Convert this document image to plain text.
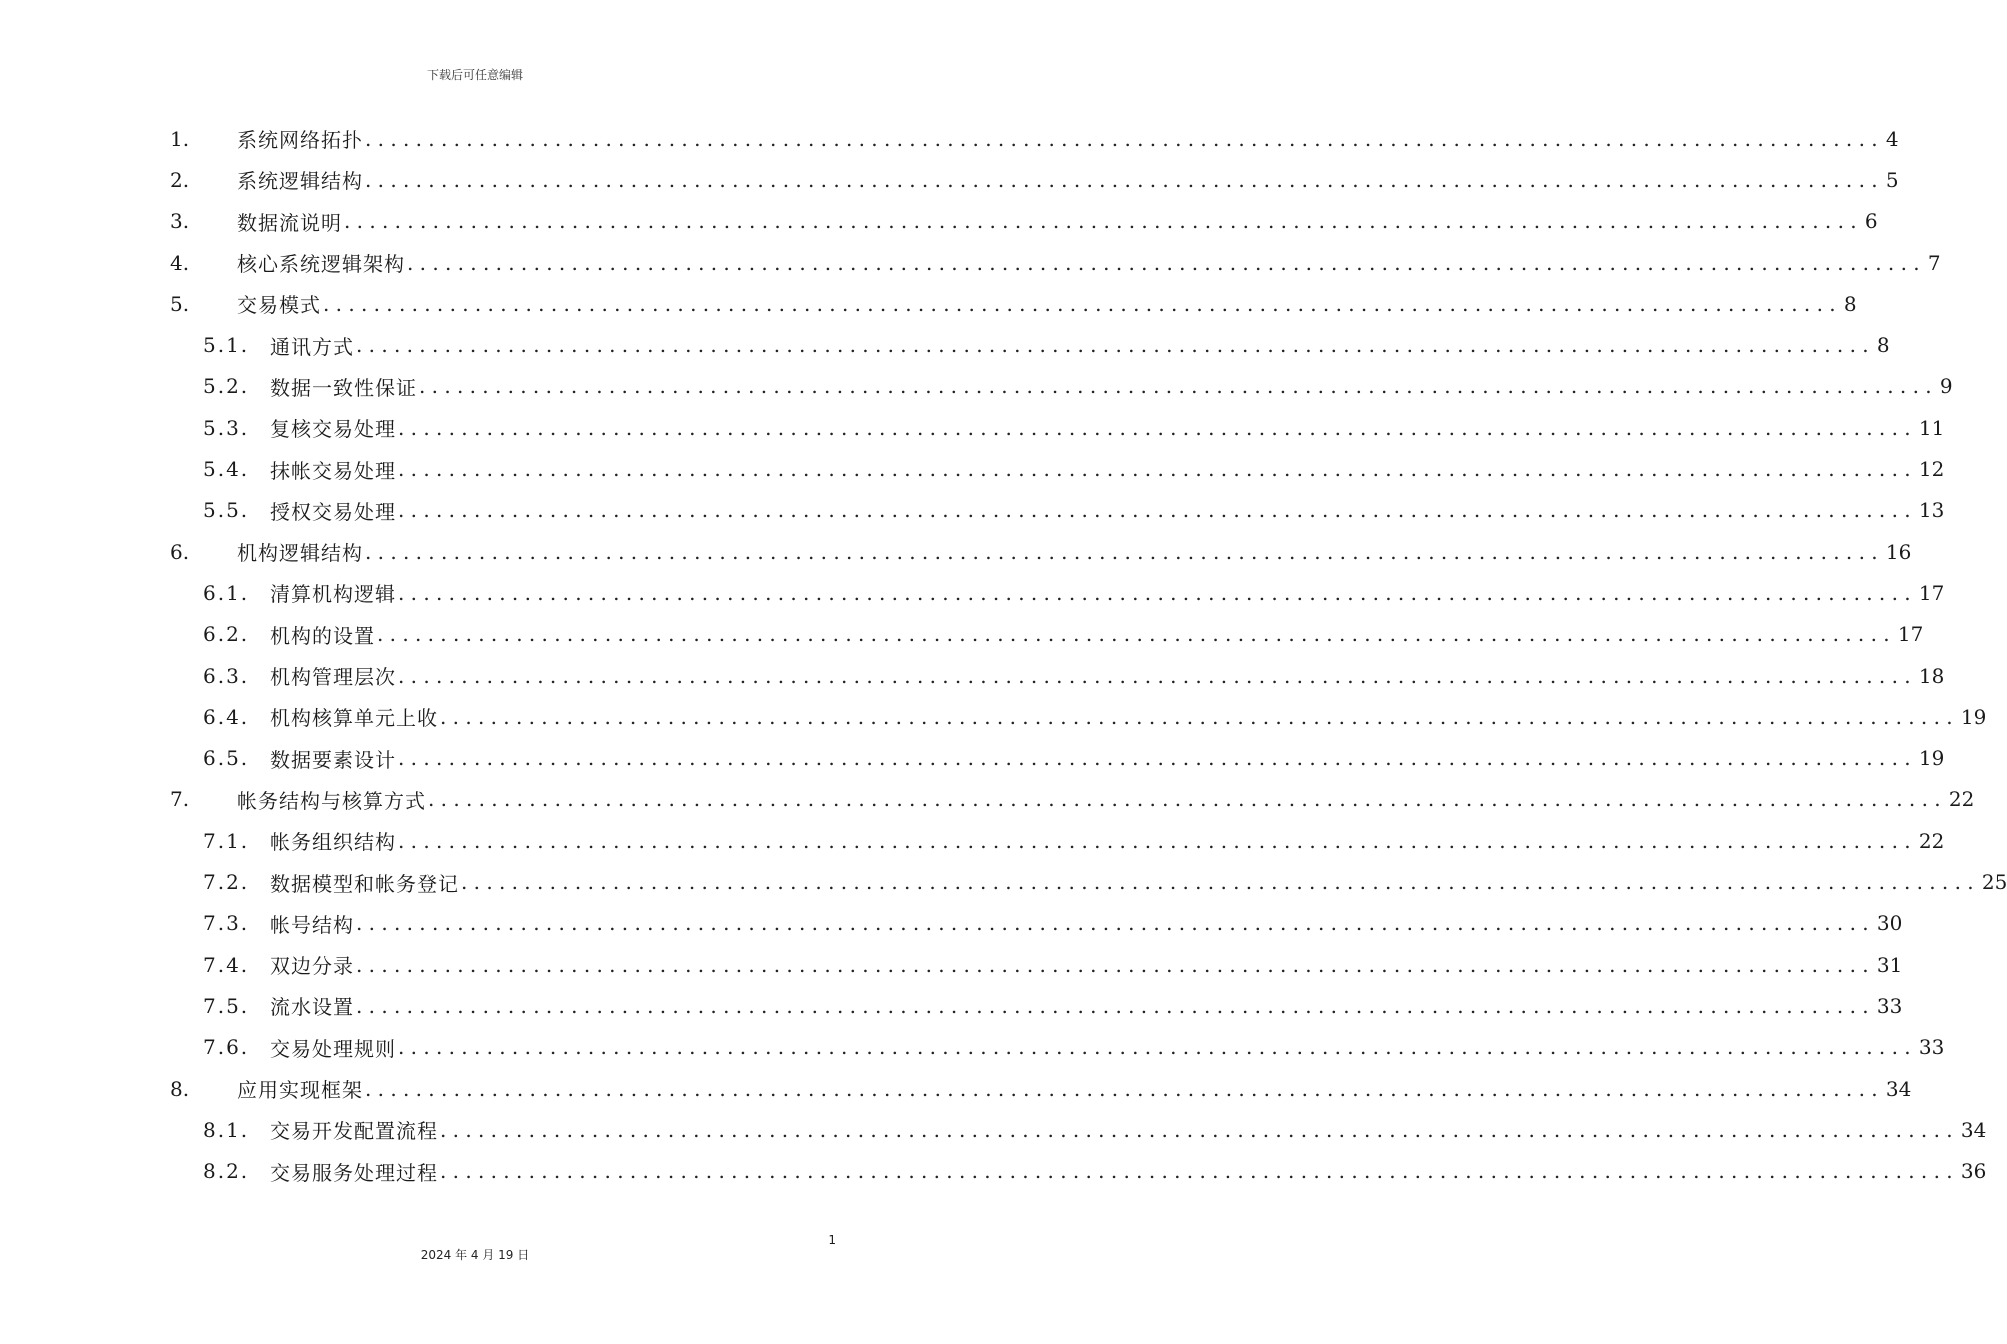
下载后可任意编辑
1. 系统网络拓扑 ........................................................................................................................ 4
2. 系统逻辑结构 ........................................................................................................................ 5
3. 数据流说明 ........................................................................................................................ 6
4. 核心系统逻辑架构 ........................................................................................................................ 7
5. 交易模式 ........................................................................................................................ 8
5.1. 通讯方式 ........................................................................................................................ 8
5.2. 数据一致性保证 ........................................................................................................................ 9
5.3. 复核交易处理 ........................................................................................................................ 11
5.4. 抹帐交易处理 ........................................................................................................................ 12
5.5. 授权交易处理 ........................................................................................................................ 13
6. 机构逻辑结构 ........................................................................................................................ 16
6.1. 清算机构逻辑 ........................................................................................................................ 17
6.2. 机构的设置 ........................................................................................................................ 17
6.3. 机构管理层次 ........................................................................................................................ 18
6.4. 机构核算单元上收 ........................................................................................................................ 19
6.5. 数据要素设计 ........................................................................................................................ 19
7. 帐务结构与核算方式 ........................................................................................................................ 22
7.1. 帐务组织结构 ........................................................................................................................ 22
7.2. 数据模型和帐务登记 ........................................................................................................................ 25
7.3. 帐号结构 ........................................................................................................................ 30
7.4. 双边分录 ........................................................................................................................ 31
7.5. 流水设置 ........................................................................................................................ 33
7.6. 交易处理规则 ........................................................................................................................ 33
8. 应用实现框架 ........................................................................................................................ 34
8.1. 交易开发配置流程 ........................................................................................................................ 34
8.2. 交易服务处理过程 ........................................................................................................................ 36
1
2024 年 4 月 19 日
